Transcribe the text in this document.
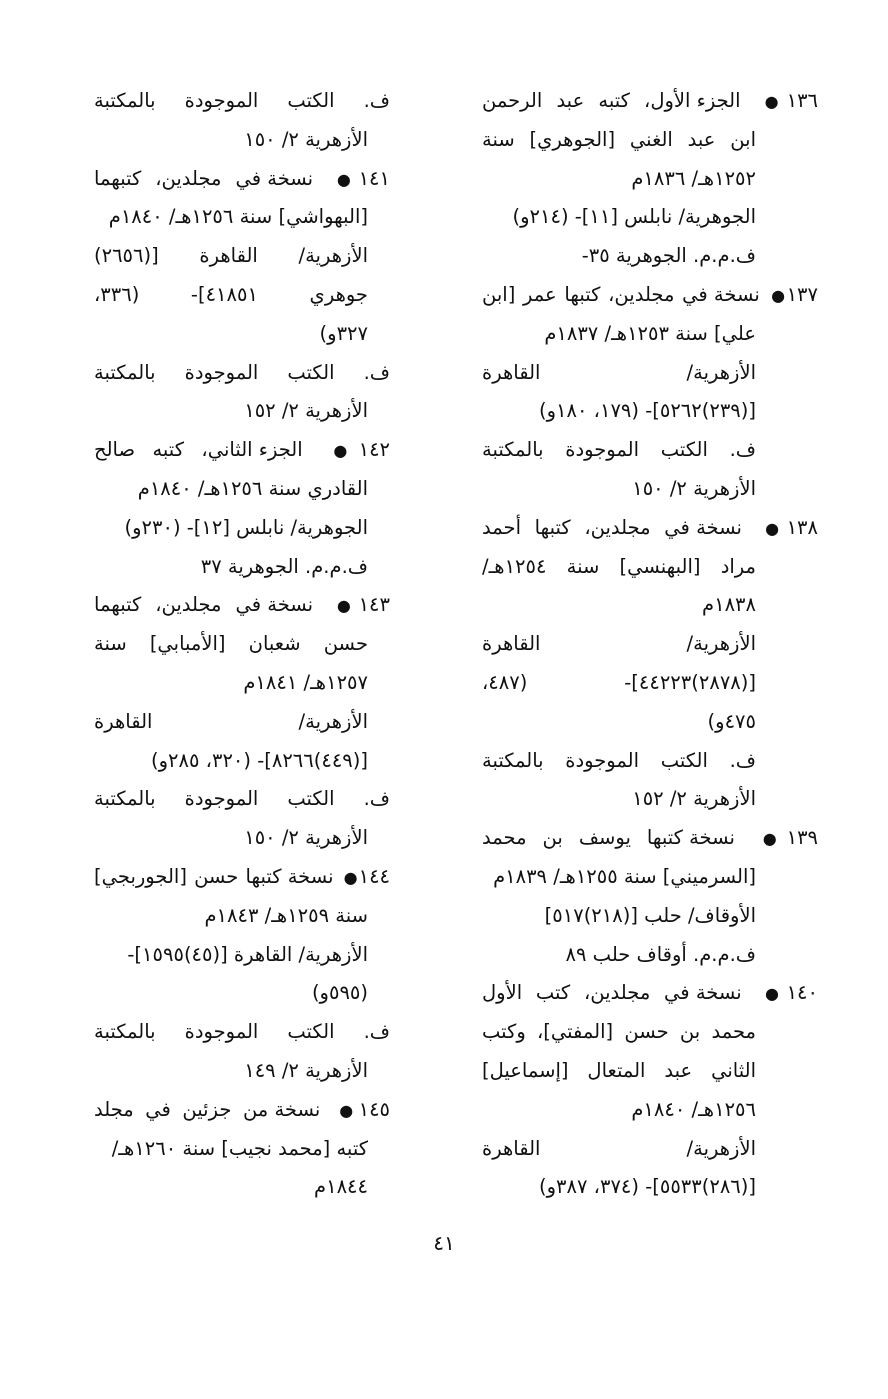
١٣٦● الجزء الأول، كتبه عبد الرحمن
ابن عبد الغني [الجوهري] سنة
١٢٥٢هـ/ ١٨٣٦م
الجوهرية/ نابلس [١١]- (٢١٤و)
ف.م.م. الجوهرية ٣٥-
١٣٧● نسخة في مجلدين، كتبها عمر [ابن
علي] سنة ١٢٥٣هـ/ ١٨٣٧م
الأزهرية/ القاهرة
[(٢٣٩)٥٢٦٢]- (١٧٩، ١٨٠و)
ف. الكتب الموجودة بالمكتبة
الأزهرية ٢/ ١٥٠
١٣٨● نسخة في مجلدين، كتبها أحمد
مراد [البهنسي] سنة ١٢٥٤هـ/
١٨٣٨م
الأزهرية/ القاهرة
[(٢٨٧٨)٤٤٢٢٣]- (٤٨٧،
٤٧٥و)
ف. الكتب الموجودة بالمكتبة
الأزهرية ٢/ ١٥٢
١٣٩● نسخة كتبها يوسف بن محمد
[السرميني] سنة ١٢٥٥هـ/ ١٨٣٩م
الأوقاف/ حلب [(٢١٨)٥١٧]
ف.م.م. أوقاف حلب ٨٩
١٤٠● نسخة في مجلدين، كتب الأول
محمد بن حسن [المفتي]، وكتب
الثاني عبد المتعال [إسماعيل]
١٢٥٦هـ/ ١٨٤٠م
الأزهرية/ القاهرة
[(٢٨٦)٥٥٣٣]- (٣٧٤، ٣٨٧و)
ف. الكتب الموجودة بالمكتبة
الأزهرية ٢/ ١٥٠
١٤١● نسخة في مجلدين، كتبهما
[البهواشي] سنة ١٢٥٦هـ/ ١٨٤٠م
الأزهرية/ القاهرة [(٢٦٥٦)
جوهري ٤١٨٥١]- (٣٣٦،
٣٢٧و)
ف. الكتب الموجودة بالمكتبة
الأزهرية ٢/ ١٥٢
١٤٢● الجزء الثاني، كتبه صالح
القادري سنة ١٢٥٦هـ/ ١٨٤٠م
الجوهرية/ نابلس [١٢]- (٢٣٠و)
ف.م.م. الجوهرية ٣٧
١٤٣● نسخة في مجلدين، كتبهما
حسن شعبان [الأمبابي] سنة
١٢٥٧هـ/ ١٨٤١م
الأزهرية/ القاهرة
[(٤٤٩)٨٢٦٦]- (٣٢٠، ٢٨٥و)
ف. الكتب الموجودة بالمكتبة
الأزهرية ٢/ ١٥٠
١٤٤● نسخة كتبها حسن [الجوربجي]
سنة ١٢٥٩هـ/ ١٨٤٣م
الأزهرية/ القاهرة [(٤٥)١٥٩٥]-
(٥٩٥و)
ف. الكتب الموجودة بالمكتبة
الأزهرية ٢/ ١٤٩
١٤٥● نسخة من جزئين في مجلد
كتبه [محمد نجيب] سنة ١٢٦٠هـ/
١٨٤٤م
٤١
